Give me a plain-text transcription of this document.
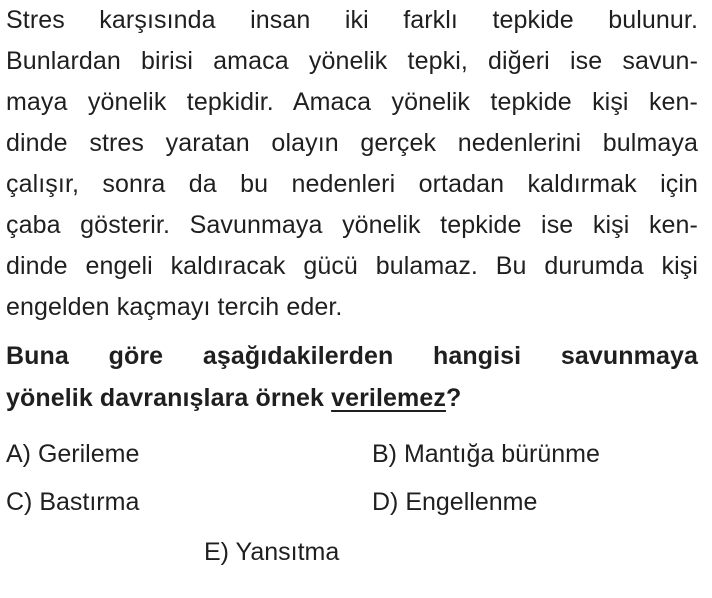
Stres karşısında insan iki farklı tepkide bulunur.
Bunlardan birisi amaca yönelik tepki, diğeri ise savun-
maya yönelik tepkidir. Amaca yönelik tepkide kişi ken-
dinde stres yaratan olayın gerçek nedenlerini bulmaya
çalışır, sonra da bu nedenleri ortadan kaldırmak için
çaba gösterir. Savunmaya yönelik tepkide ise kişi ken-
dinde engeli kaldıracak gücü bulamaz. Bu durumda kişi
engelden kaçmayı tercih eder.
Buna göre aşağıdakilerden hangisi savunmaya
yönelik davranışlara örnek verilemez?
A) Gerileme	B) Mantığa bürünme
C) Bastırma	D) Engellenme
E) Yansıtma
